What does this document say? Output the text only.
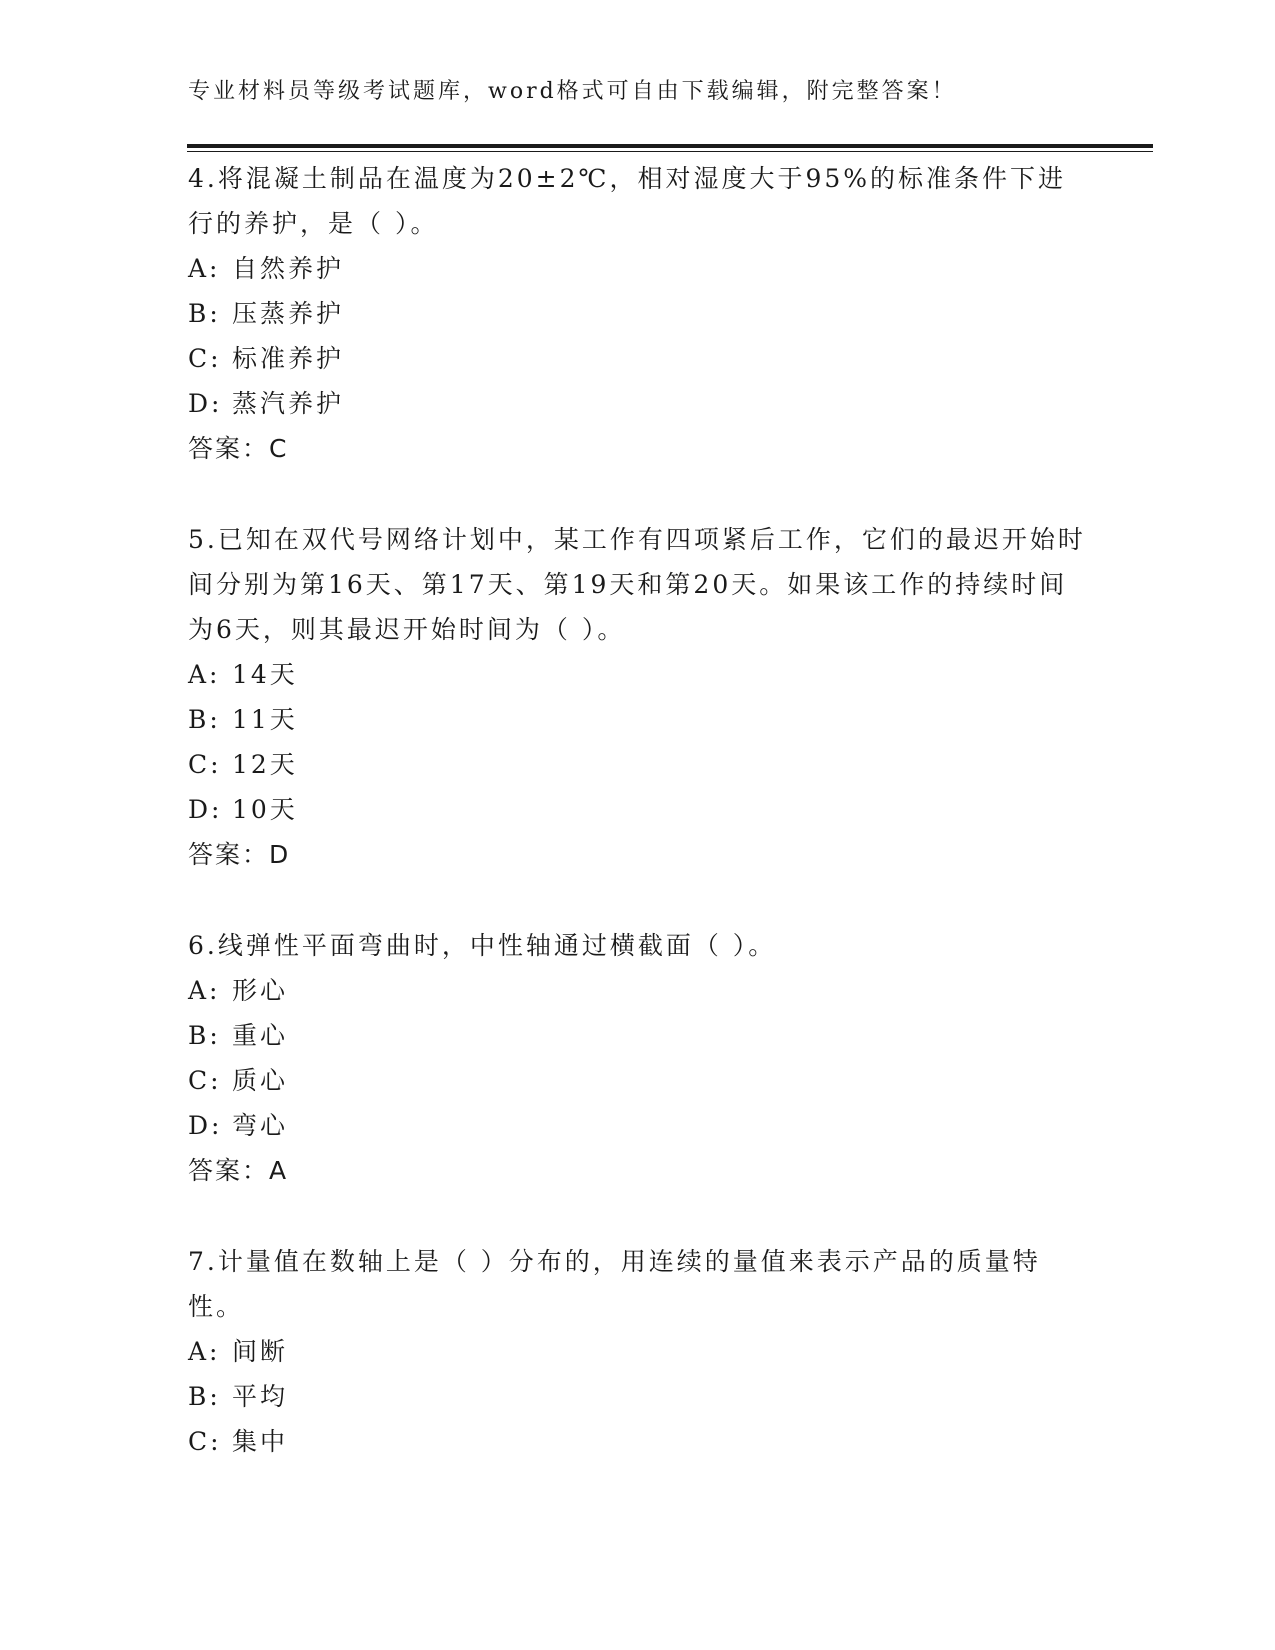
专业材料员等级考试题库，word格式可自由下载编辑，附完整答案！

4.将混凝土制品在温度为20±2℃，相对湿度大于95%的标准条件下进行的养护，是（ ）。

A: 自然养护

B: 压蒸养护

C: 标准养护

D: 蒸汽养护

答案：C

5.已知在双代号网络计划中，某工作有四项紧后工作，它们的最迟开始时间分别为第16天、第17天、第19天和第20天。如果该工作的持续时间为6天，则其最迟开始时间为（ ）。

A: 14天

B: 11天

C: 12天

D: 10天

答案：D

6.线弹性平面弯曲时，中性轴通过横截面（ ）。

A: 形心

B: 重心

C: 质心

D: 弯心

答案：A

7.计量值在数轴上是（ ）分布的，用连续的量值来表示产品的质量特性。

A: 间断

B: 平均

C: 集中
